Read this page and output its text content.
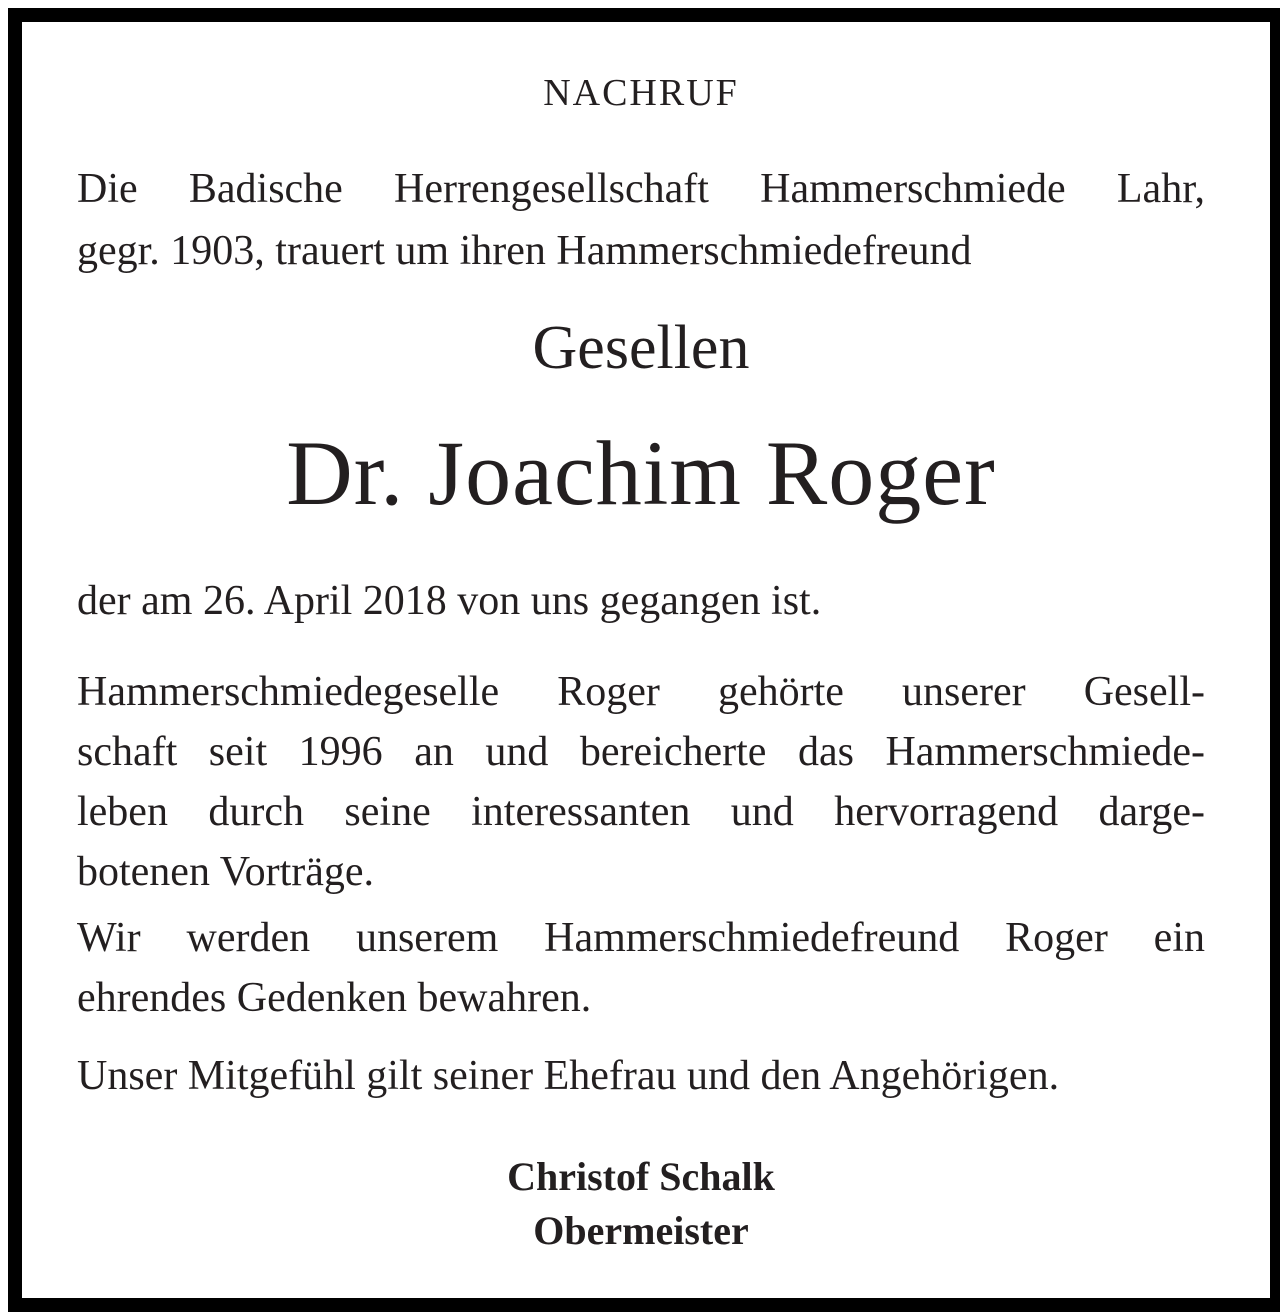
NACHRUF
Die Badische Herrengesellschaft Hammerschmiede Lahr,
gegr. 1903, trauert um ihren Hammerschmiedefreund
Gesellen
Dr. Joachim Roger
der am 26. April 2018 von uns gegangen ist.
Hammerschmiedegeselle Roger gehörte unserer Gesell-
schaft seit 1996 an und bereicherte das Hammerschmiede-
leben durch seine interessanten und hervorragend darge-
botenen Vorträge.
Wir werden unserem Hammerschmiedefreund Roger ein
ehrendes Gedenken bewahren.
Unser Mitgefühl gilt seiner Ehefrau und den Angehörigen.
Christof Schalk
Obermeister
